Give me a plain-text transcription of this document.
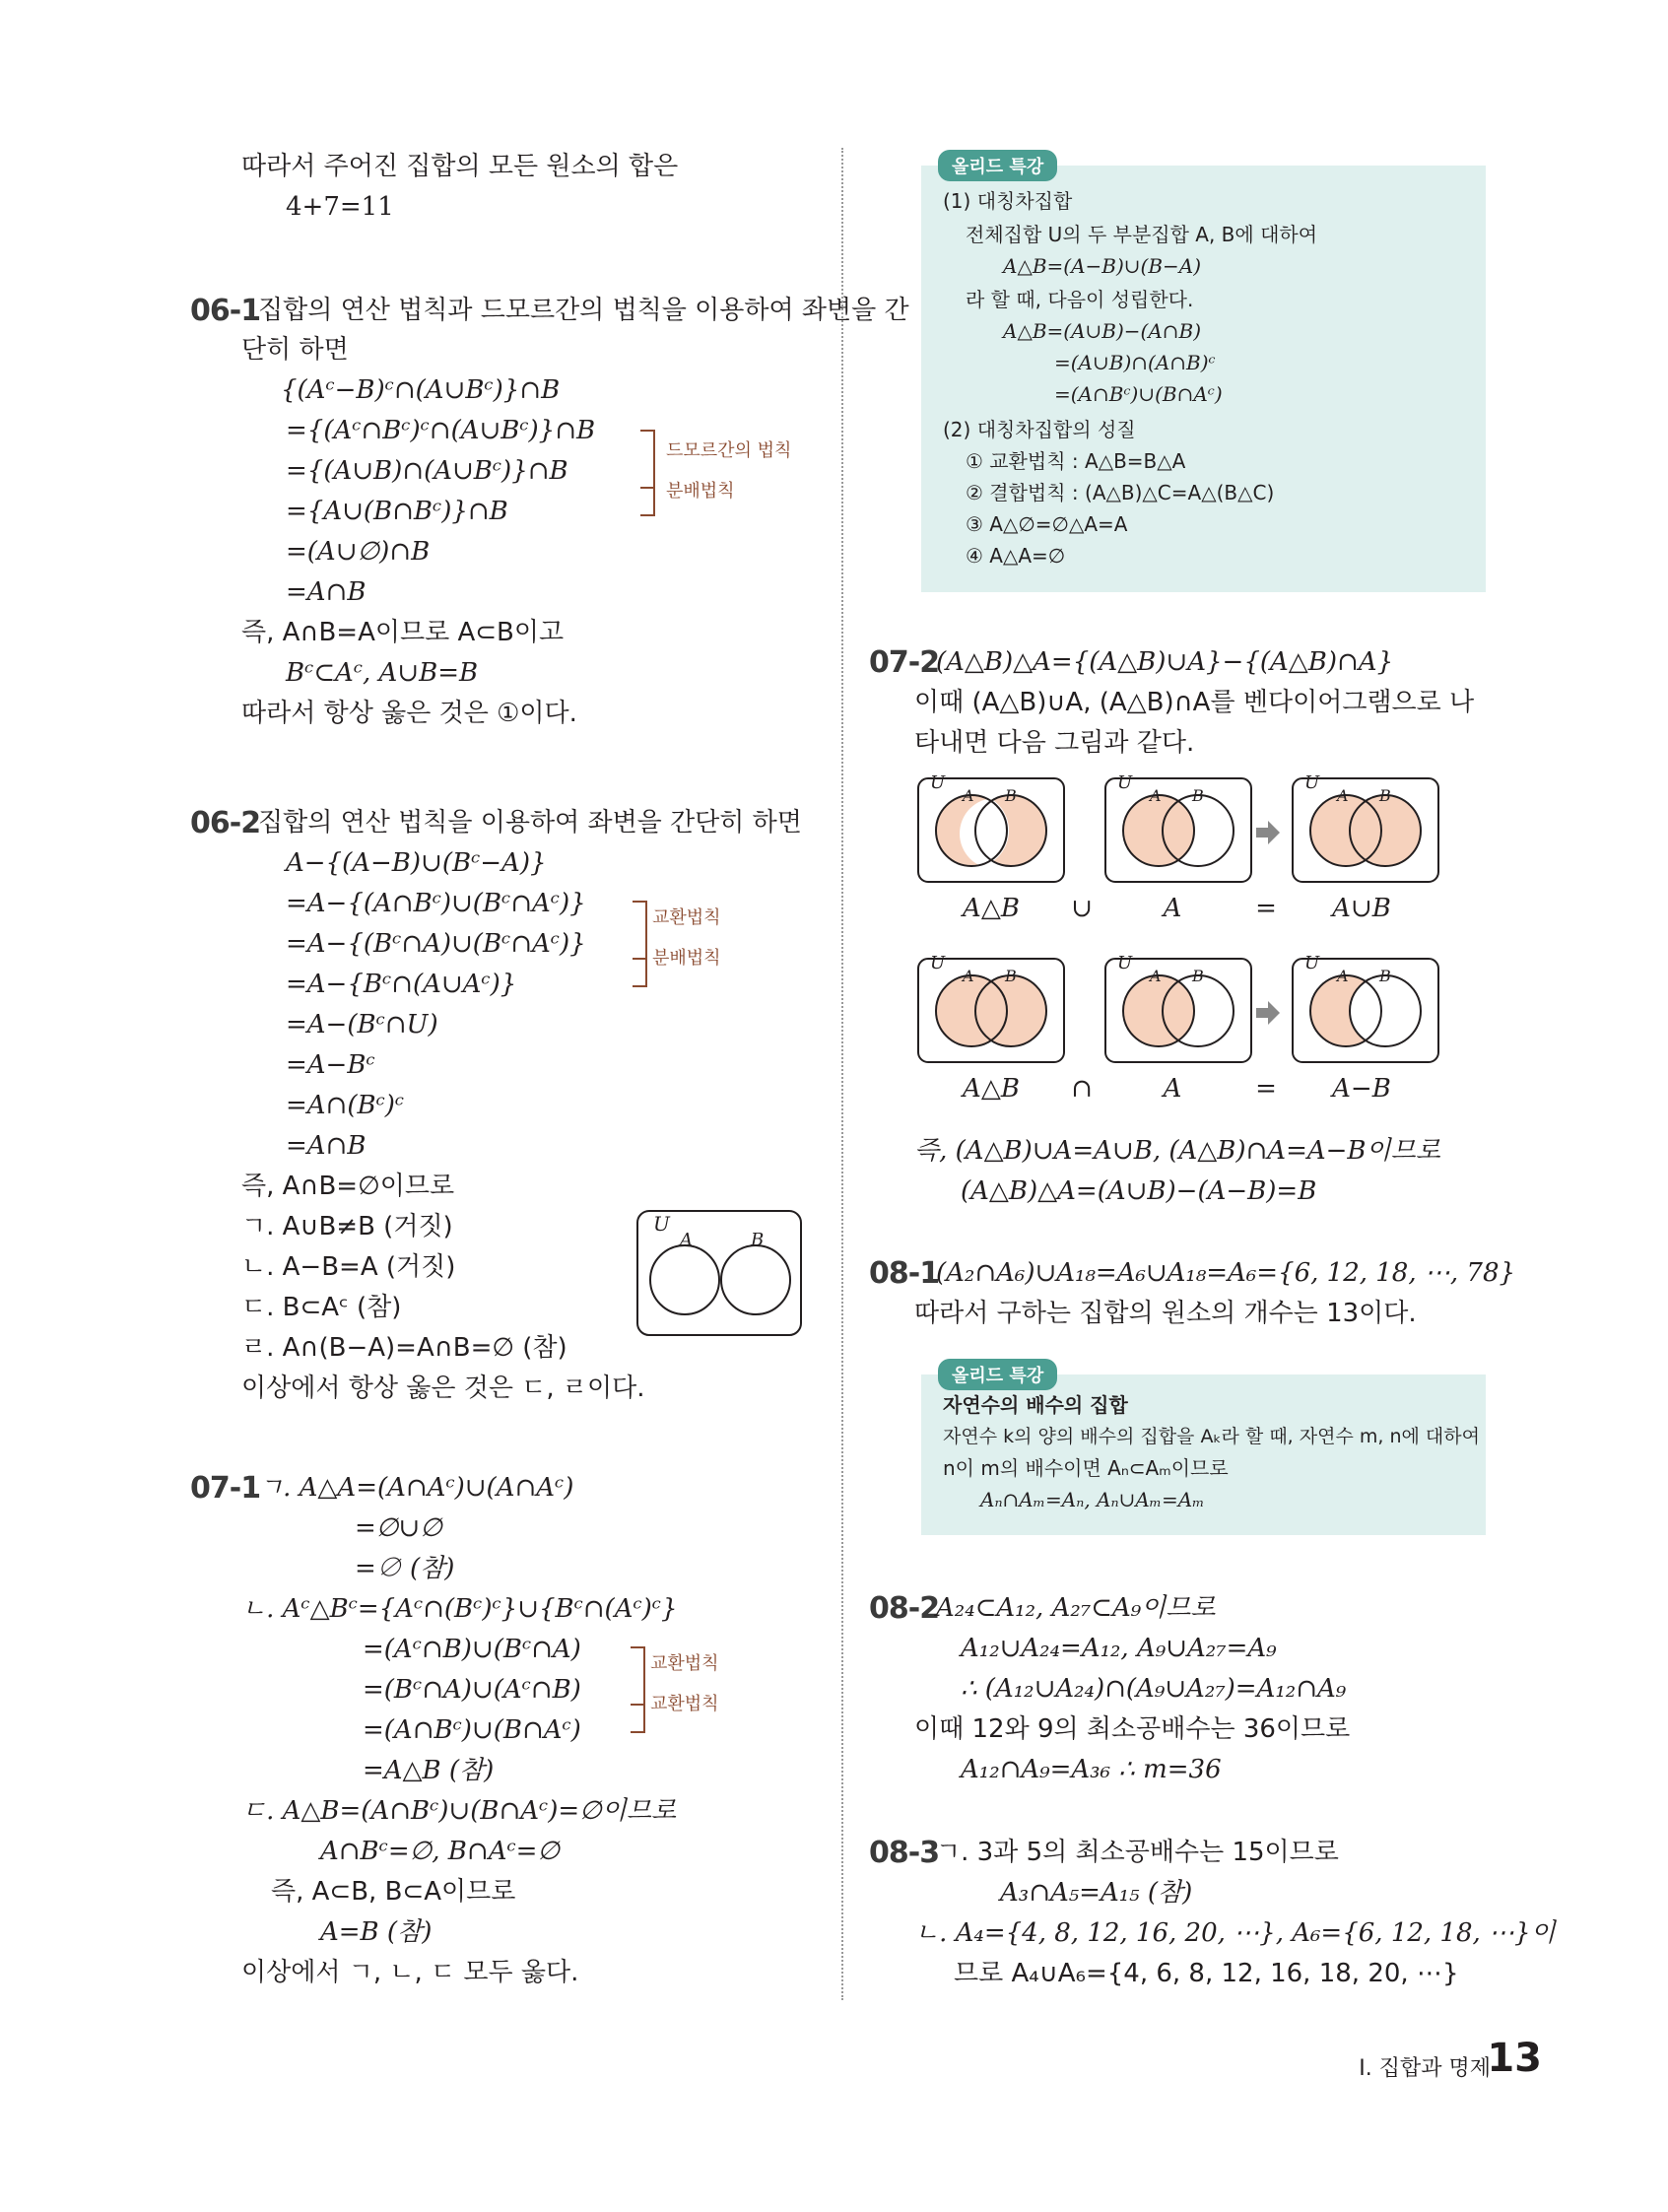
따라서 주어진 집합의 모든 원소의 합은
4+7=11
06-1
집합의 연산 법칙과 드모르간의 법칙을 이용하여 좌변을 간
단히 하면
{(Aᶜ−B)ᶜ∩(A∪Bᶜ)}∩B
={(Aᶜ∩Bᶜ)ᶜ∩(A∪Bᶜ)}∩B
={(A∪B)∩(A∪Bᶜ)}∩B
={A∪(B∩Bᶜ)}∩B
=(A∪∅)∩B
=A∩B
즉, A∩B=A이므로 A⊂B이고
Bᶜ⊂Aᶜ, A∪B=B
따라서 항상 옳은 것은 ①이다.
드모르간의 법칙
분배법칙
06-2
집합의 연산 법칙을 이용하여 좌변을 간단히 하면
A−{(A−B)∪(Bᶜ−A)}
=A−{(A∩Bᶜ)∪(Bᶜ∩Aᶜ)}
=A−{(Bᶜ∩A)∪(Bᶜ∩Aᶜ)}
=A−{Bᶜ∩(A∪Aᶜ)}
=A−(Bᶜ∩U)
=A−Bᶜ
=A∩(Bᶜ)ᶜ
=A∩B
즉, A∩B=∅이므로
ㄱ. A∪B≠B (거짓)
ㄴ. A−B=A (거짓)
ㄷ. B⊂Aᶜ (참)
ㄹ. A∩(B−A)=A∩B=∅ (참)
이상에서 항상 옳은 것은 ㄷ, ㄹ이다.
교환법칙
분배법칙
U
A	B
07-1
ㄱ. A△A=(A∩Aᶜ)∪(A∩Aᶜ)
=∅∪∅
=∅ (참)
ㄴ. Aᶜ△Bᶜ={Aᶜ∩(Bᶜ)ᶜ}∪{Bᶜ∩(Aᶜ)ᶜ}
=(Aᶜ∩B)∪(Bᶜ∩A)
=(Bᶜ∩A)∪(Aᶜ∩B)
=(A∩Bᶜ)∪(B∩Aᶜ)
=A△B (참)
ㄷ. A△B=(A∩Bᶜ)∪(B∩Aᶜ)=∅이므로
A∩Bᶜ=∅, B∩Aᶜ=∅
즉, A⊂B, B⊂A이므로
A=B (참)
이상에서 ㄱ, ㄴ, ㄷ 모두 옳다.
교환법칙
교환법칙
올리드 특강
(1) 대칭차집합
전체집합 U의 두 부분집합 A, B에 대하여
A△B=(A−B)∪(B−A)
라 할 때, 다음이 성립한다.
A△B=(A∪B)−(A∩B)
=(A∪B)∩(A∩B)ᶜ
=(A∩Bᶜ)∪(B∩Aᶜ)
(2) 대칭차집합의 성질
① 교환법칙 : A△B=B△A
② 결합법칙 : (A△B)△C=A△(B△C)
③ A△∅=∅△A=A
④ A△A=∅
07-2
(A△B)△A={(A△B)∪A}−{(A△B)∩A}
이때 (A△B)∪A, (A△B)∩A를 벤다이어그램으로 나
타내면 다음 그림과 같다.
U
A B
U
A B
U
A B
U
A B
U
A B
U
A B
A△B	∪	A	=	A∪B
A△B	∩	A	=	A−B
즉, (A△B)∪A=A∪B, (A△B)∩A=A−B이므로
(A△B)△A=(A∪B)−(A−B)=B
08-1
(A₂∩A₆)∪A₁₈=A₆∪A₁₈=A₆={6, 12, 18, ⋯, 78}
따라서 구하는 집합의 원소의 개수는 13이다.
올리드 특강
자연수의 배수의 집합
자연수 k의 양의 배수의 집합을 Aₖ라 할 때, 자연수 m, n에 대하여
n이 m의 배수이면 Aₙ⊂Aₘ이므로
Aₙ∩Aₘ=Aₙ, Aₙ∪Aₘ=Aₘ
08-2
A₂₄⊂A₁₂, A₂₇⊂A₉이므로
A₁₂∪A₂₄=A₁₂, A₉∪A₂₇=A₉
∴ (A₁₂∪A₂₄)∩(A₉∪A₂₇)=A₁₂∩A₉
이때 12와 9의 최소공배수는 36이므로
A₁₂∩A₉=A₃₆ ∴ m=36
08-3
ㄱ. 3과 5의 최소공배수는 15이므로
A₃∩A₅=A₁₅ (참)
ㄴ. A₄={4, 8, 12, 16, 20, ⋯}, A₆={6, 12, 18, ⋯}이
므로 A₄∪A₆={4, 6, 8, 12, 16, 18, 20, ⋯}
Ⅰ. 집합과 명제
13
